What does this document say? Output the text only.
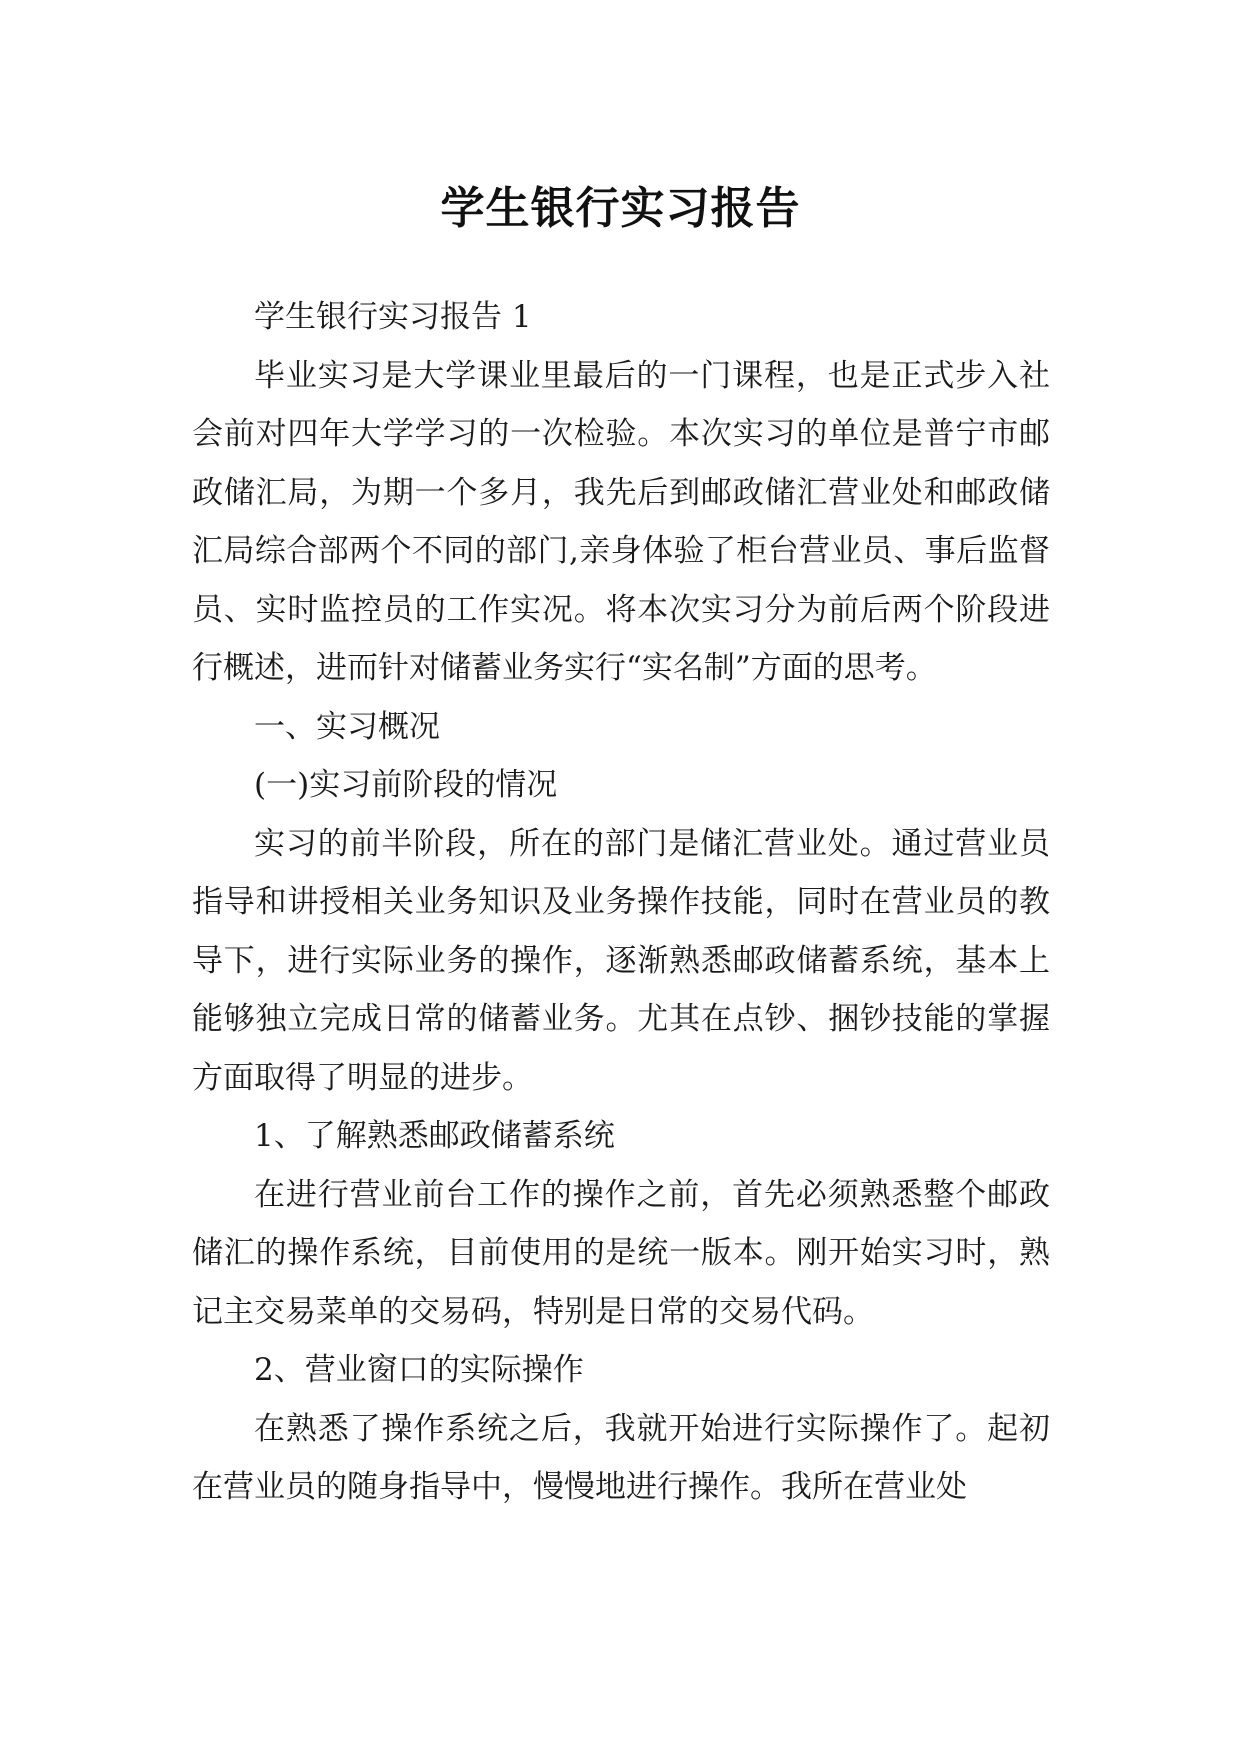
学生银行实习报告

学生银行实习报告 1

毕业实习是大学课业里最后的一门课程，也是正式步入社会前对四年大学学习的一次检验。本次实习的单位是普宁市邮政储汇局，为期一个多月，我先后到邮政储汇营业处和邮政储汇局综合部两个不同的部门,亲身体验了柜台营业员、事后监督员、实时监控员的工作实况。将本次实习分为前后两个阶段进行概述，进而针对储蓄业务实行“实名制”方面的思考。

一、实习概况

(一)实习前阶段的情况

实习的前半阶段，所在的部门是储汇营业处。通过营业员指导和讲授相关业务知识及业务操作技能，同时在营业员的教导下，进行实际业务的操作，逐渐熟悉邮政储蓄系统，基本上能够独立完成日常的储蓄业务。尤其在点钞、捆钞技能的掌握方面取得了明显的进步。

1、了解熟悉邮政储蓄系统

在进行营业前台工作的操作之前，首先必须熟悉整个邮政储汇的操作系统，目前使用的是统一版本。刚开始实习时，熟记主交易菜单的交易码，特别是日常的交易代码。

2、营业窗口的实际操作

在熟悉了操作系统之后，我就开始进行实际操作了。起初在营业员的随身指导中，慢慢地进行操作。我所在营业处
